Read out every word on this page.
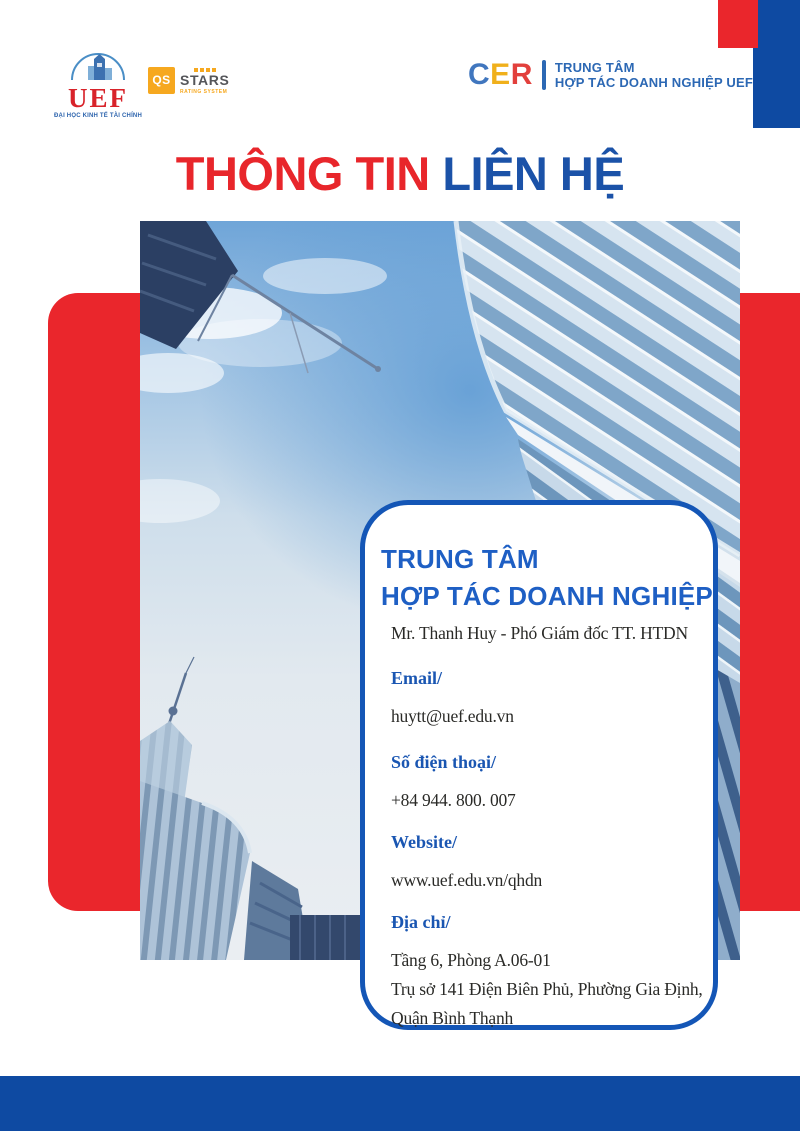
UEF
ĐẠI HỌC KINH TẾ TÀI CHÍNH
QS STARS
RATING SYSTEM
CER TRUNG TÂM
HỢP TÁC DOANH NGHIỆP UEF
THÔNG TIN LIÊN HỆ
TRUNG TÂM
HỢP TÁC DOANH NGHIỆP
Mr. Thanh Huy - Phó Giám đốc TT. HTDN
Email/
huytt@uef.edu.vn
Số điện thoại/
+84 944. 800. 007
Website/
www.uef.edu.vn/qhdn
Địa chỉ/
Tầng 6, Phòng A.06-01
Trụ sở 141 Điện Biên Phủ, Phường Gia Định,
Quận Bình Thạnh
